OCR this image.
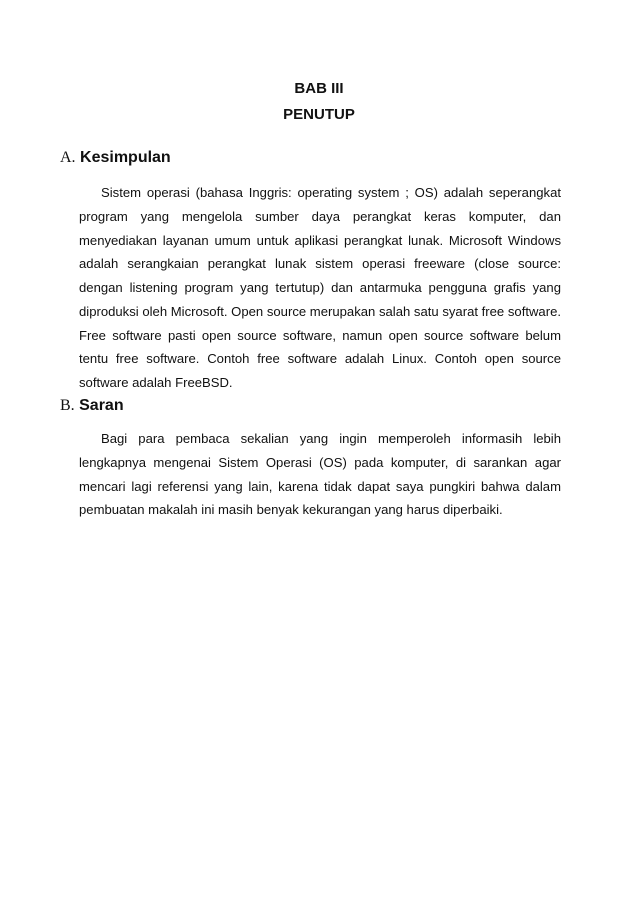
BAB III
PENUTUP
A. Kesimpulan

Sistem operasi (bahasa Inggris: operating system ; OS) adalah seperangkat program yang mengelola sumber daya perangkat keras komputer, dan menyediakan layanan umum untuk aplikasi perangkat lunak. Microsoft Windows adalah serangkaian perangkat lunak sistem operasi freeware (close source: dengan listening program yang tertutup) dan antarmuka pengguna grafis yang diproduksi oleh Microsoft. Open source merupakan salah satu syarat free software. Free software pasti open source software, namun open source software belum tentu free software. Contoh free software adalah Linux. Contoh open source software adalah FreeBSD.

B. Saran

Bagi para pembaca sekalian yang ingin memperoleh informasih lebih lengkapnya mengenai Sistem Operasi (OS) pada komputer, di sarankan agar mencari lagi referensi yang lain, karena tidak dapat saya pungkiri bahwa dalam pembuatan makalah ini masih benyak kekurangan yang harus diperbaiki.
